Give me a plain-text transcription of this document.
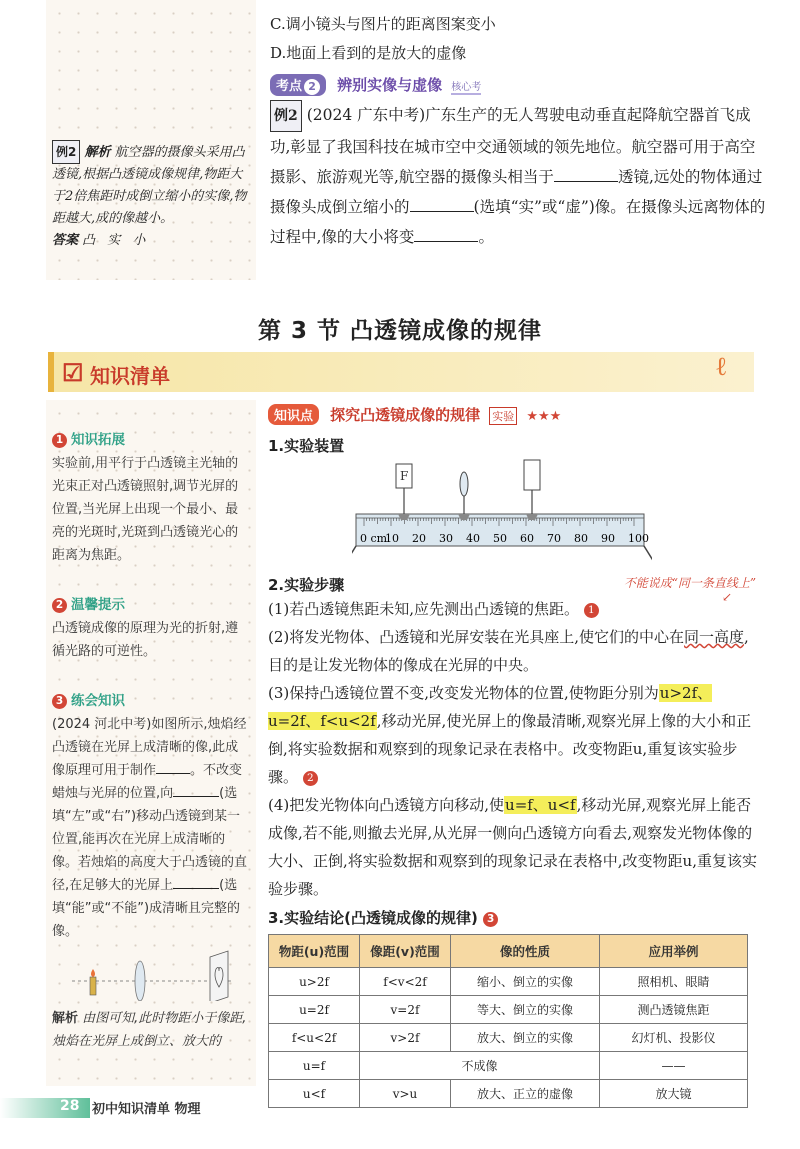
例2 解析 航空器的摄像头采用凸透镜,根据凸透镜成像规律,物距大于2倍焦距时成倒立缩小的实像,物距越大,成的像越小。
答案 凸 实 小

C.调小镜头与图片的距离图案变小

D.地面上看到的是放大的虚像

考点 2 辨别实像与虚像 核心考
例2 (2024 广东中考)广东生产的无人驾驶电动垂直起降航空器首飞成功,彰显了我国科技在城市空中交通领域的领先地位。航空器可用于高空摄影、旅游观光等,航空器的摄像头相当于	透镜,远处的物体通过摄像头成倒立缩小的	(选填“实”或“虚”)像。在摄像头远离物体的过程中,像的大小将变	。
第 3 节 凸透镜成像的规律
☑ 知识清单	ℓ

1 知识拓展

实验前,用平行于凸透镜主光轴的光束正对凸透镜照射,调节光屏的位置,当光屏上出现一个最小、最亮的光斑时,光斑到凸透镜光心的距离为焦距。

2 温馨提示

凸透镜成像的原理为光的折射,遵循光路的可逆性。

3 练会知识

(2024 河北中考)如图所示,烛焰经凸透镜在光屏上成清晰的像,此成像原理可用于制作	。不改变蜡烛与光屏的位置,向	(选填“左”或“右”)移动凸透镜到某一位置,能再次在光屏上成清晰的像。若烛焰的高度大于凸透镜的直径,在足够大的光屏上	(选填“能”或“不能”)成清晰且完整的像。

解析 由图可知,此时物距小于像距,烛焰在光屏上成倒立、放大的

知识点 探究凸透镜成像的规律 实验 ★★★
1.实验装置
F
0 cm
10 20 30 40 50 60 70 80 90 100
2.实验步骤	不能说成“同一条直线上”
↙
(1)若凸透镜焦距未知,应先测出凸透镜的焦距。 1
(2)将发光物体、凸透镜和光屏安装在光具座上,使它们的中心在同一高度,目的是让发光物体的像成在光屏的中央。
(3)保持凸透镜位置不变,改变发光物体的位置,使物距分别为u>2f、u=2f、f<u<2f,移动光屏,使光屏上的像最清晰,观察光屏上像的大小和正倒,将实验数据和观察到的现象记录在表格中。改变物距u,重复该实验步骤。 2
(4)把发光物体向凸透镜方向移动,使u=f、u<f,移动光屏,观察光屏上能否成像,若不能,则撤去光屏,从光屏一侧向凸透镜方向看去,观察发光物体像的大小、正倒,将实验数据和观察到的现象记录在表格中,改变物距u,重复该实验步骤。
3.实验结论(凸透镜成像的规律) 3
物距(u)范围	像距(v)范围	像的性质	应用举例
u>2f	f<v<2f	缩小、倒立的实像	照相机、眼睛
u=2f	v=2f	等大、倒立的实像	测凸透镜焦距
f<u<2f	v>2f	放大、倒立的实像	幻灯机、投影仪
u=f	不成像		——
u<f	v>u	放大、正立的虚像	放大镜
28 初中知识清单 物理
